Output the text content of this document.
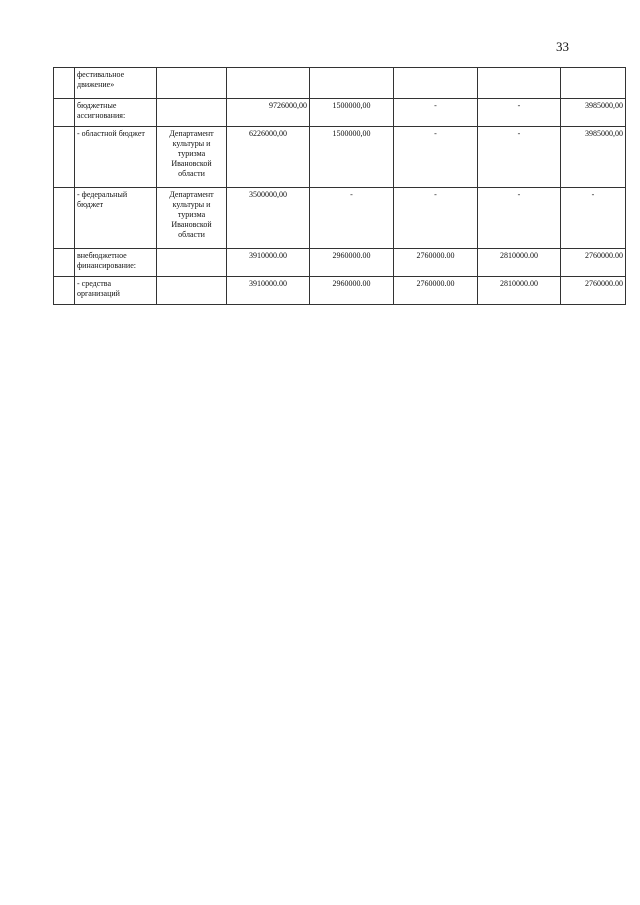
33
	фестивальное движение»						
	бюджетные ассигнования:		9726000,00	1500000,00	-	-	3985000,00
	- областной бюджет	Департамент культуры и туризма Ивановской области	6226000,00	1500000,00	-	-	3985000,00
	- федеральный бюджет	Департамент культуры и туризма Ивановской области	3500000,00	-	-	-	-
	внебюджетное финансирование:		3910000.00	2960000.00	2760000.00	2810000.00	2760000.00
	- средства организаций		3910000.00	2960000.00	2760000.00	2810000.00	2760000.00
